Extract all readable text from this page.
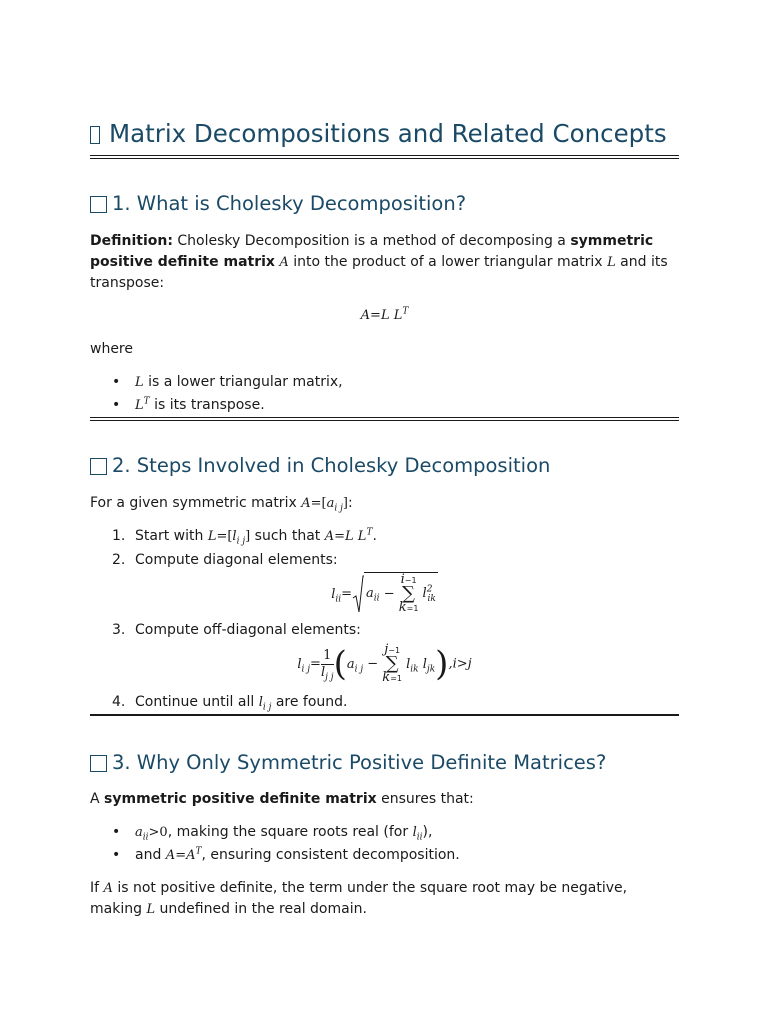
Matrix Decompositions and Related Concepts
1. What is Cholesky Decomposition?

Definition: Cholesky Decomposition is a method of decomposing a symmetric positive definite matrix A into the product of a lower triangular matrix L and its transpose:

A=L $L^T$

where

• L is a lower triangular matrix,
• $L^T$ is its transpose.
2. Steps Involved in Cholesky Decomposition

For a given symmetric matrix $A=[a_{i j}]$:

1. Start with $L=[l_{i j}]$ such that A=L $L^T$.
2. Compute diagonal elements:
3. Compute off-diagonal elements:
4. Continue until all $l_{i j}$ are found.
$l_{ii}= a_{ii} - i-1$
∑
k=1 $l^2_{ik}$
$l_{i j}= \frac{1}{l_{j j}} (a_{i j} - j-1$
∑
k=1 $l_{ik}$ $l_{jk}),i>j$
3. Why Only Symmetric Positive Definite Matrices?

A symmetric positive definite matrix ensures that:

• $a_{ii}>0$, making the square roots real (for $l_{ii}$),
• and $A=A^T$, ensuring consistent decomposition.

If A is not positive definite, the term under the square root may be negative, making L undefined in the real domain.
